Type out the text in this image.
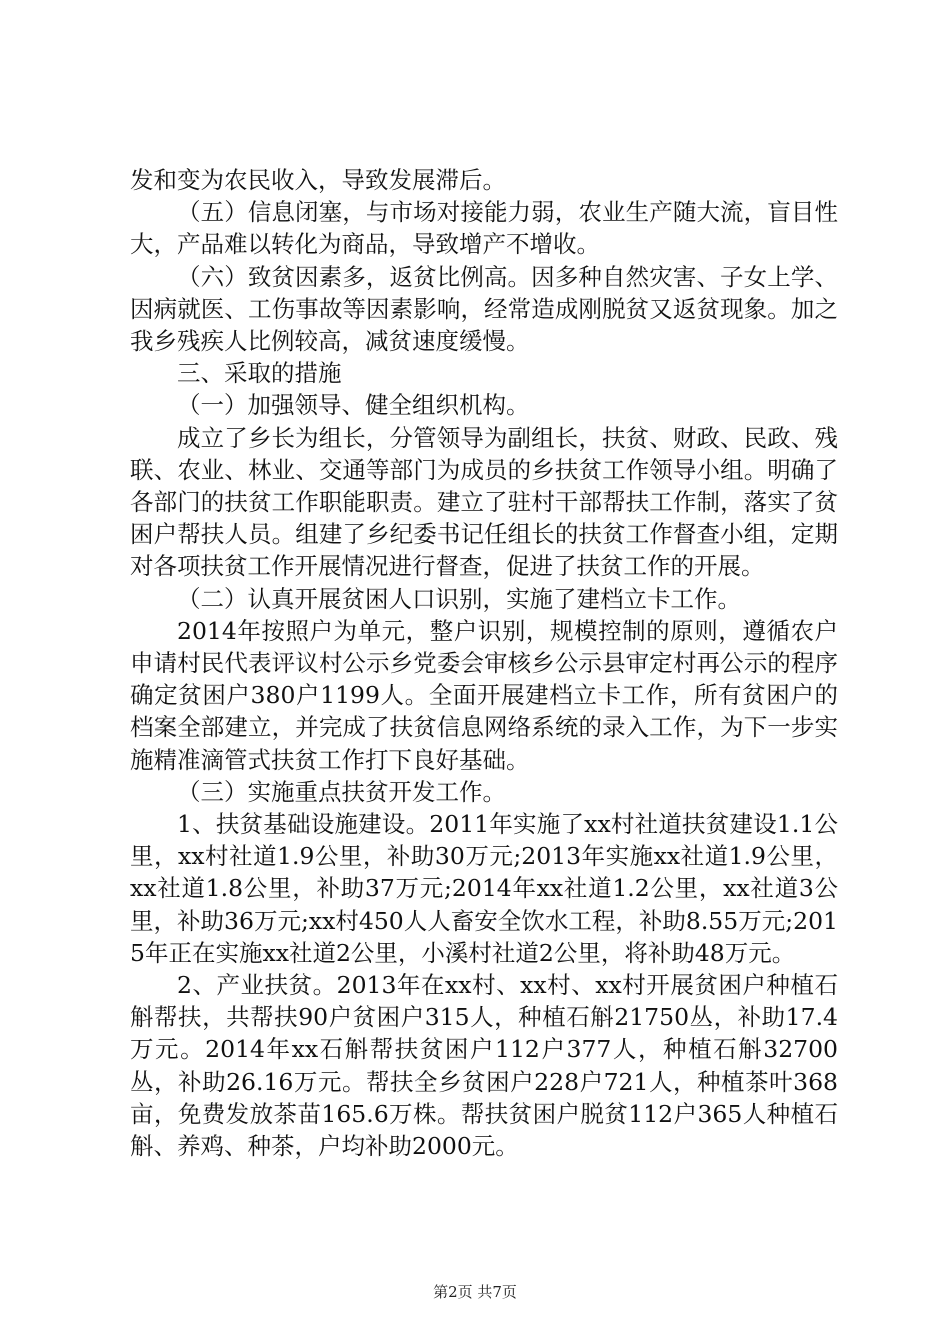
发和变为农民收入，导致发展滞后。

（五）信息闭塞，与市场对接能力弱，农业生产随大流，盲目性大，产品难以转化为商品，导致增产不增收。

（六）致贫因素多，返贫比例高。因多种自然灾害、子女上学、因病就医、工伤事故等因素影响，经常造成刚脱贫又返贫现象。加之我乡残疾人比例较高，减贫速度缓慢。

三、采取的措施

（一）加强领导、健全组织机构。

成立了乡长为组长，分管领导为副组长，扶贫、财政、民政、残联、农业、林业、交通等部门为成员的乡扶贫工作领导小组。明确了各部门的扶贫工作职能职责。建立了驻村干部帮扶工作制，落实了贫困户帮扶人员。组建了乡纪委书记任组长的扶贫工作督查小组，定期对各项扶贫工作开展情况进行督查，促进了扶贫工作的开展。

（二）认真开展贫困人口识别，实施了建档立卡工作。

2014年按照户为单元，整户识别，规模控制的原则，遵循农户申请村民代表评议村公示乡党委会审核乡公示县审定村再公示的程序确定贫困户380户1199人。全面开展建档立卡工作，所有贫困户的档案全部建立，并完成了扶贫信息网络系统的录入工作，为下一步实施精准滴管式扶贫工作打下良好基础。

（三）实施重点扶贫开发工作。

1、扶贫基础设施建设。2011年实施了xx村社道扶贫建设1.1公里，xx村社道1.9公里，补助30万元;2013年实施xx社道1.9公里，xx社道1.8公里，补助37万元;2014年xx社道1.2公里，xx社道3公里，补助36万元;xx村450人人畜安全饮水工程，补助8.55万元;2015年正在实施xx社道2公里，小溪村社道2公里，将补助48万元。

2、产业扶贫。2013年在xx村、xx村、xx村开展贫困户种植石斛帮扶，共帮扶90户贫困户315人，种植石斛21750丛，补助17.4万元。2014年xx石斛帮扶贫困户112户377人，种植石斛32700丛，补助26.16万元。帮扶全乡贫困户228户721人，种植茶叶368亩，免费发放茶苗165.6万株。帮扶贫困户脱贫112户365人种植石斛、养鸡、种茶，户均补助2000元。

第2页 共7页
